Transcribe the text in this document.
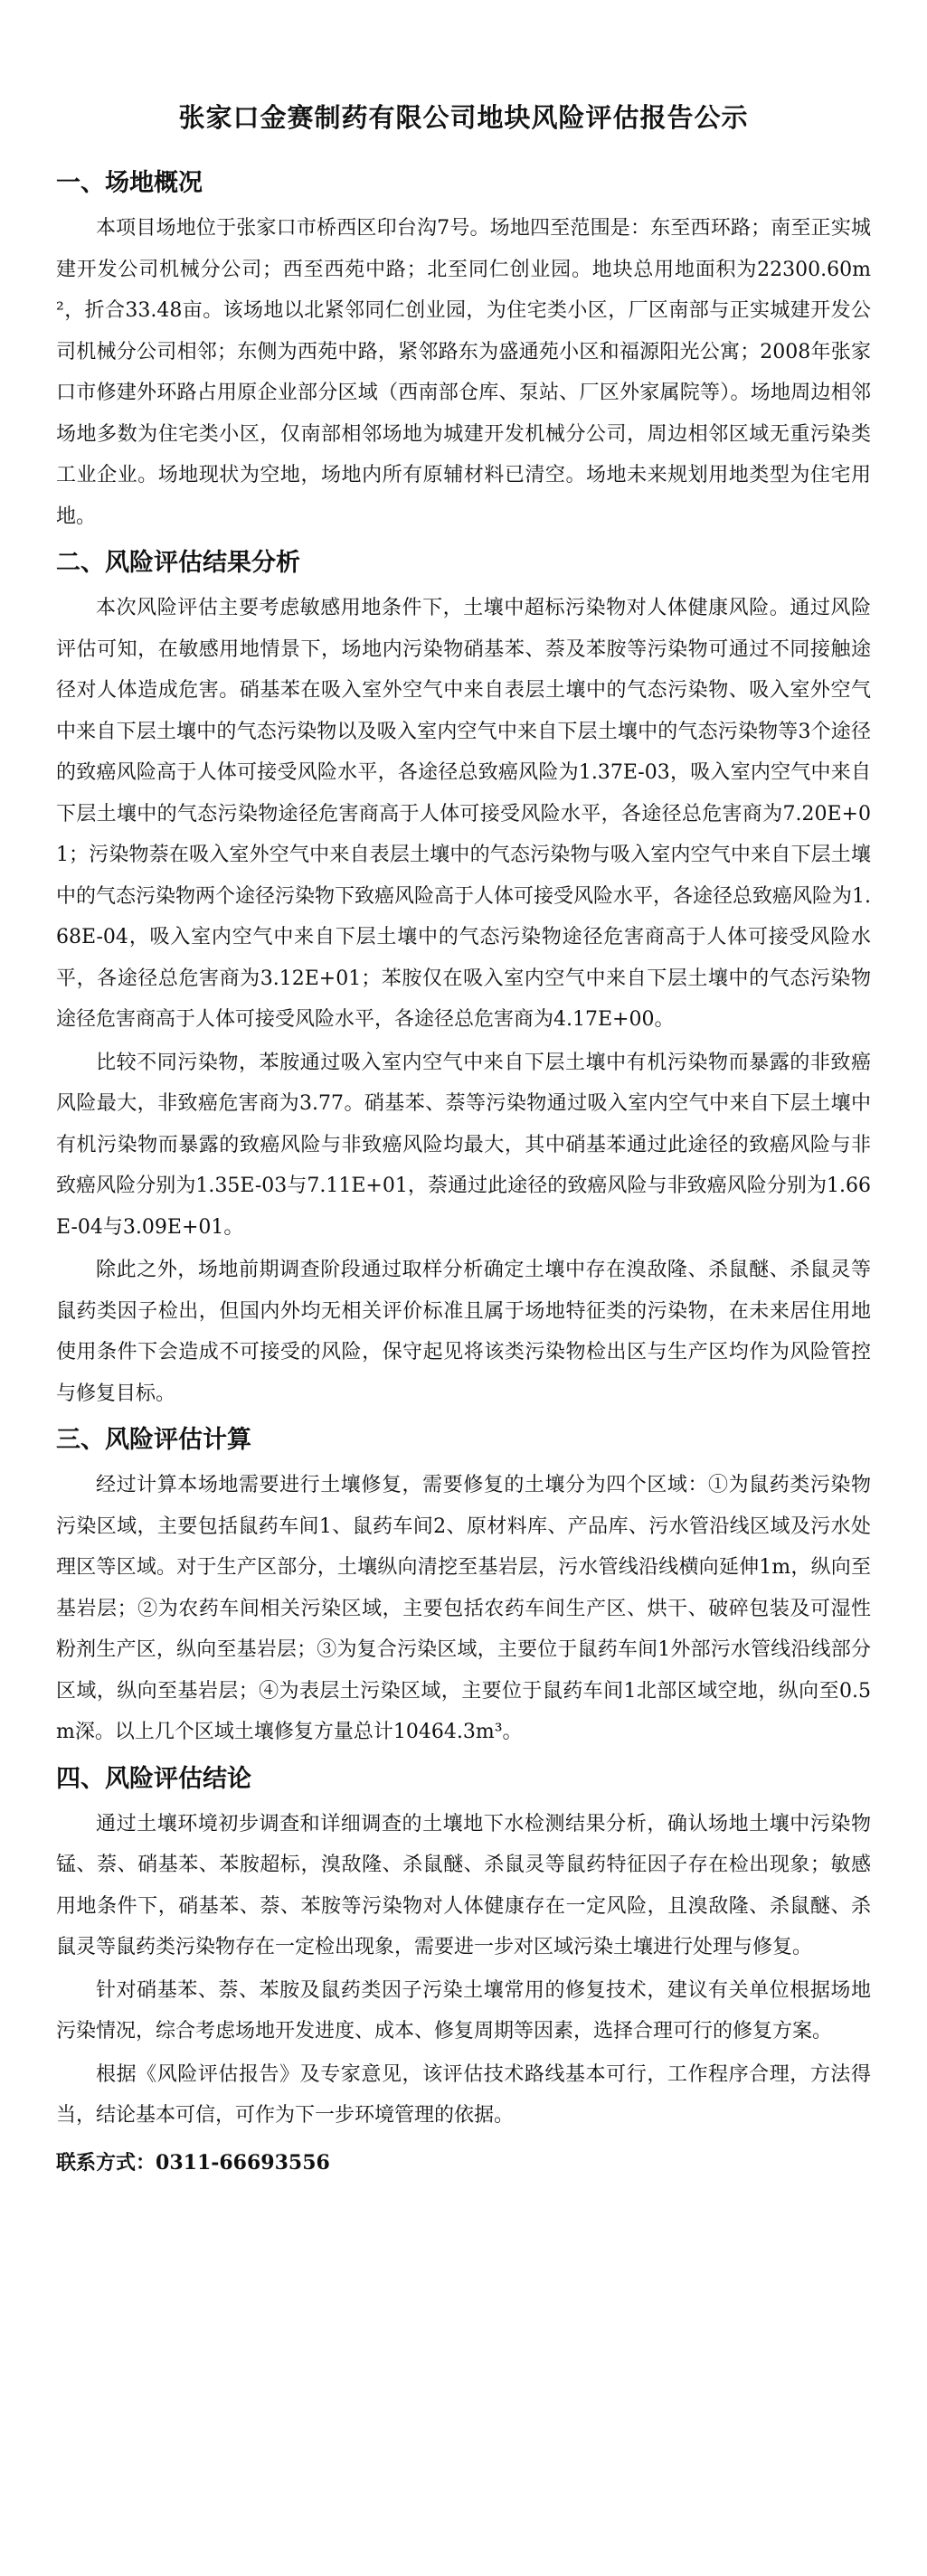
张家口金赛制药有限公司地块风险评估报告公示
一、场地概况

本项目场地位于张家口市桥西区印台沟7号。场地四至范围是：东至西环路；南至正实城建开发公司机械分公司；西至西苑中路；北至同仁创业园。地块总用地面积为22300.60m²，折合33.48亩。该场地以北紧邻同仁创业园，为住宅类小区，厂区南部与正实城建开发公司机械分公司相邻；东侧为西苑中路，紧邻路东为盛通苑小区和福源阳光公寓；2008年张家口市修建外环路占用原企业部分区域（西南部仓库、泵站、厂区外家属院等）。场地周边相邻场地多数为住宅类小区，仅南部相邻场地为城建开发机械分公司，周边相邻区域无重污染类工业企业。场地现状为空地，场地内所有原辅材料已清空。场地未来规划用地类型为住宅用地。

二、风险评估结果分析

本次风险评估主要考虑敏感用地条件下，土壤中超标污染物对人体健康风险。通过风险评估可知，在敏感用地情景下，场地内污染物硝基苯、萘及苯胺等污染物可通过不同接触途径对人体造成危害。硝基苯在吸入室外空气中来自表层土壤中的气态污染物、吸入室外空气中来自下层土壤中的气态污染物以及吸入室内空气中来自下层土壤中的气态污染物等3个途径的致癌风险高于人体可接受风险水平，各途径总致癌风险为1.37E-03，吸入室内空气中来自下层土壤中的气态污染物途径危害商高于人体可接受风险水平，各途径总危害商为7.20E+01；污染物萘在吸入室外空气中来自表层土壤中的气态污染物与吸入室内空气中来自下层土壤中的气态污染物两个途径污染物下致癌风险高于人体可接受风险水平，各途径总致癌风险为1.68E-04，吸入室内空气中来自下层土壤中的气态污染物途径危害商高于人体可接受风险水平，各途径总危害商为3.12E+01；苯胺仅在吸入室内空气中来自下层土壤中的气态污染物途径危害商高于人体可接受风险水平，各途径总危害商为4.17E+00。

比较不同污染物，苯胺通过吸入室内空气中来自下层土壤中有机污染物而暴露的非致癌风险最大，非致癌危害商为3.77。硝基苯、萘等污染物通过吸入室内空气中来自下层土壤中有机污染物而暴露的致癌风险与非致癌风险均最大，其中硝基苯通过此途径的致癌风险与非致癌风险分别为1.35E-03与7.11E+01，萘通过此途径的致癌风险与非致癌风险分别为1.66E-04与3.09E+01。

除此之外，场地前期调查阶段通过取样分析确定土壤中存在溴敌隆、杀鼠醚、杀鼠灵等鼠药类因子检出，但国内外均无相关评价标准且属于场地特征类的污染物，在未来居住用地使用条件下会造成不可接受的风险，保守起见将该类污染物检出区与生产区均作为风险管控与修复目标。

三、风险评估计算

经过计算本场地需要进行土壤修复，需要修复的土壤分为四个区域：①为鼠药类污染物污染区域，主要包括鼠药车间1、鼠药车间2、原材料库、产品库、污水管沿线区域及污水处理区等区域。对于生产区部分，土壤纵向清挖至基岩层，污水管线沿线横向延伸1m，纵向至基岩层；②为农药车间相关污染区域，主要包括农药车间生产区、烘干、破碎包装及可湿性粉剂生产区，纵向至基岩层；③为复合污染区域，主要位于鼠药车间1外部污水管线沿线部分区域，纵向至基岩层；④为表层土污染区域，主要位于鼠药车间1北部区域空地，纵向至0.5m深。以上几个区域土壤修复方量总计10464.3m³。

四、风险评估结论

通过土壤环境初步调查和详细调查的土壤地下水检测结果分析，确认场地土壤中污染物锰、萘、硝基苯、苯胺超标，溴敌隆、杀鼠醚、杀鼠灵等鼠药特征因子存在检出现象；敏感用地条件下，硝基苯、萘、苯胺等污染物对人体健康存在一定风险，且溴敌隆、杀鼠醚、杀鼠灵等鼠药类污染物存在一定检出现象，需要进一步对区域污染土壤进行处理与修复。

针对硝基苯、萘、苯胺及鼠药类因子污染土壤常用的修复技术，建议有关单位根据场地污染情况，综合考虑场地开发进度、成本、修复周期等因素，选择合理可行的修复方案。

根据《风险评估报告》及专家意见，该评估技术路线基本可行，工作程序合理，方法得当，结论基本可信，可作为下一步环境管理的依据。

联系方式：0311-66693556
